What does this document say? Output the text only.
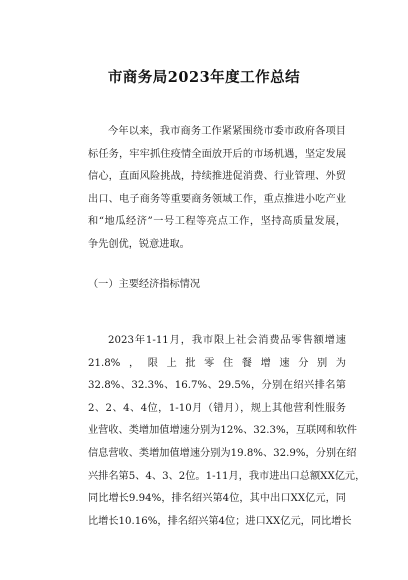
市商务局2023年度工作总结
今年以来，我市商务工作紧紧围绕市委市政府各项目
标任务，牢牢抓住疫情全面放开后的市场机遇，坚定发展
信心，直面风险挑战，持续推进促消费、行业管理、外贸
出口、电子商务等重要商务领域工作，重点推进小吃产业
和“地瓜经济”一号工程等亮点工作，坚持高质量发展，
争先创优，锐意进取。
（一）主要经济指标情况
2023年1-11月，我市限上社会消费品零售额增速
21.8%，限上批零住餐增速分别为
32.8%、32.3%、16.7%、29.5%，分别在绍兴排名第
2、2、4、4位，1-10月（错月），规上其他营利性服务
业营收、类增加值增速分别为12%、32.3%，互联网和软件
信息营收、类增加值增速分别为19.8%、32.9%，分别在绍
兴排名第5、4、3、2位。1-11月，我市进出口总额XX亿元，
同比增长9.94%，排名绍兴第4位，其中出口XX亿元，同
比增长10.16%，排名绍兴第4位；进口XX亿元，同比增长
